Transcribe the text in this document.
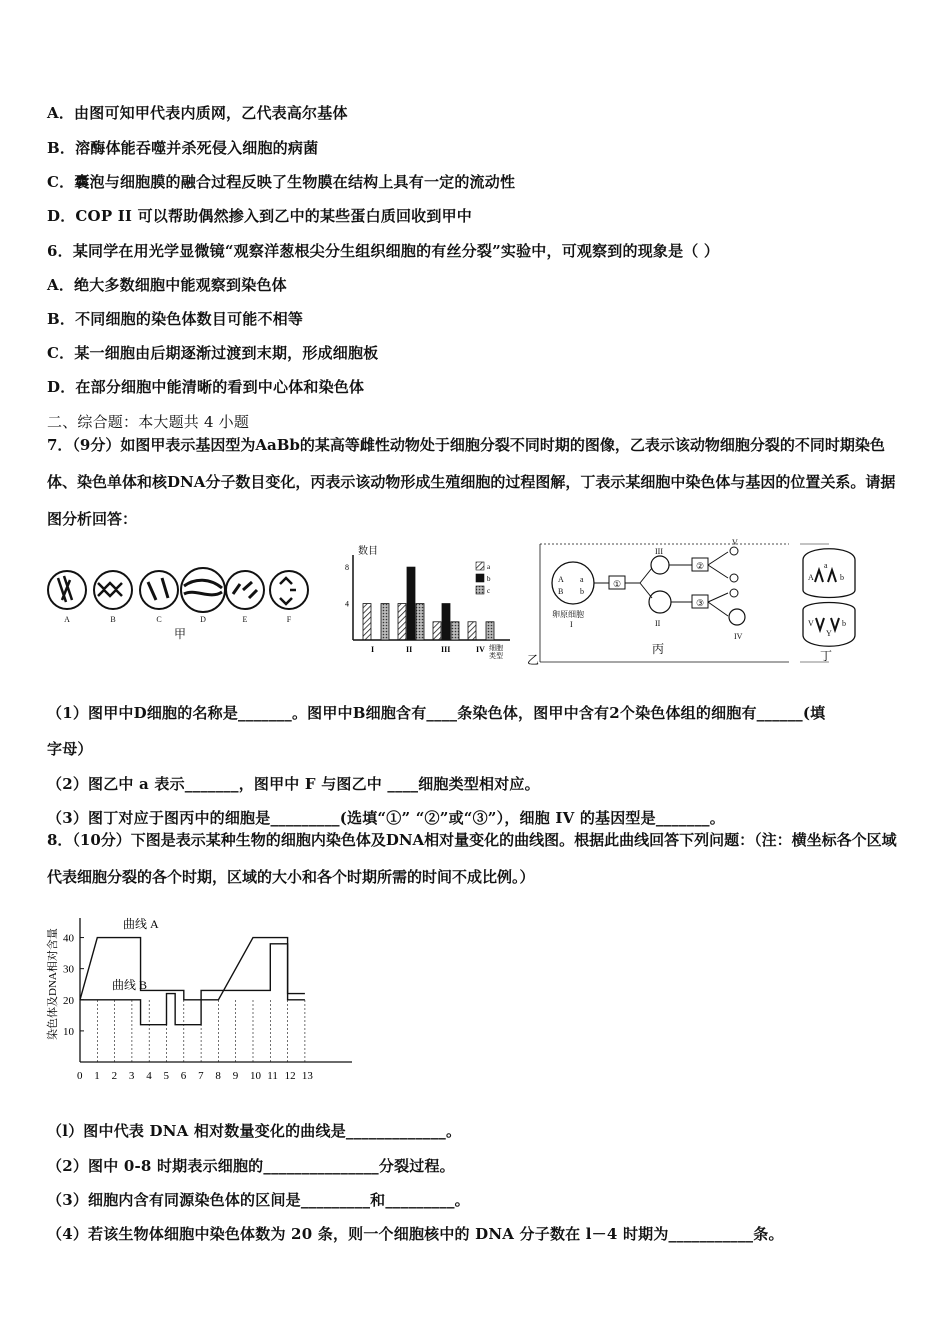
A．由图可知甲代表内质网，乙代表高尔基体
B．溶酶体能吞噬并杀死侵入细胞的病菌
C．囊泡与细胞膜的融合过程反映了生物膜在结构上具有一定的流动性
D．COP II 可以帮助偶然掺入到乙中的某些蛋白质回收到甲中
6．某同学在用光学显微镜“观察洋葱根尖分生组织细胞的有丝分裂”实验中，可观察到的现象是（ ）
A．绝大多数细胞中能观察到染色体
B．不同细胞的染色体数目可能不相等
C．某一细胞由后期逐渐过渡到末期，形成细胞板
D．在部分细胞中能清晰的看到中心体和染色体
二、综合题：本大题共 4 小题
7．（9分）如图甲表示基因型为AaBb的某高等雌性动物处于细胞分裂不同时期的图像，乙表示该动物细胞分裂的不同时期染色体、染色单体和核DNA分子数目变化，丙表示该动物形成生殖细胞的过程图解，丁表示某细胞中染色体与基因的位置关系。请据图分析回答：
A	B	C	D	E	F
甲
数目
4
8
I	II	III	IV
a
b
c
细胞
类型 乙
A a
B b
卵原细胞
I
①
②
③
III
II
V
IV
丙
A
a
b
V
Y
b
丁
（1）图甲中D细胞的名称是_______。图甲中B细胞含有____条染色体，图甲中含有2个染色体组的细胞有______(填
字母）
（2）图乙中 a 表示_______，图甲中 F 与图乙中 ____细胞类型相对应。
（3）图丁对应于图丙中的细胞是_________(选填“①” “②”或“③”），细胞 IV 的基因型是_______。
8．（10分）下图是表示某种生物的细胞内染色体及DNA相对量变化的曲线图。根据此曲线回答下列问题：（注：横坐标各个区域代表细胞分裂的各个时期，区域的大小和各个时期所需的时间不成比例。）
10
20
30
40
0 1 2 3 4 5 6 7 8 9 10 11 12 13
染色体及DNA相对含量
曲线 A
曲线 B
（l）图中代表 DNA 相对数量变化的曲线是_____________。
（2）图中 0-8 时期表示细胞的_______________分裂过程。
（3）细胞内含有同源染色体的区间是_________和_________。
（4）若该生物体细胞中染色体数为 20 条，则一个细胞核中的 DNA 分子数在 l－4 时期为___________条。
